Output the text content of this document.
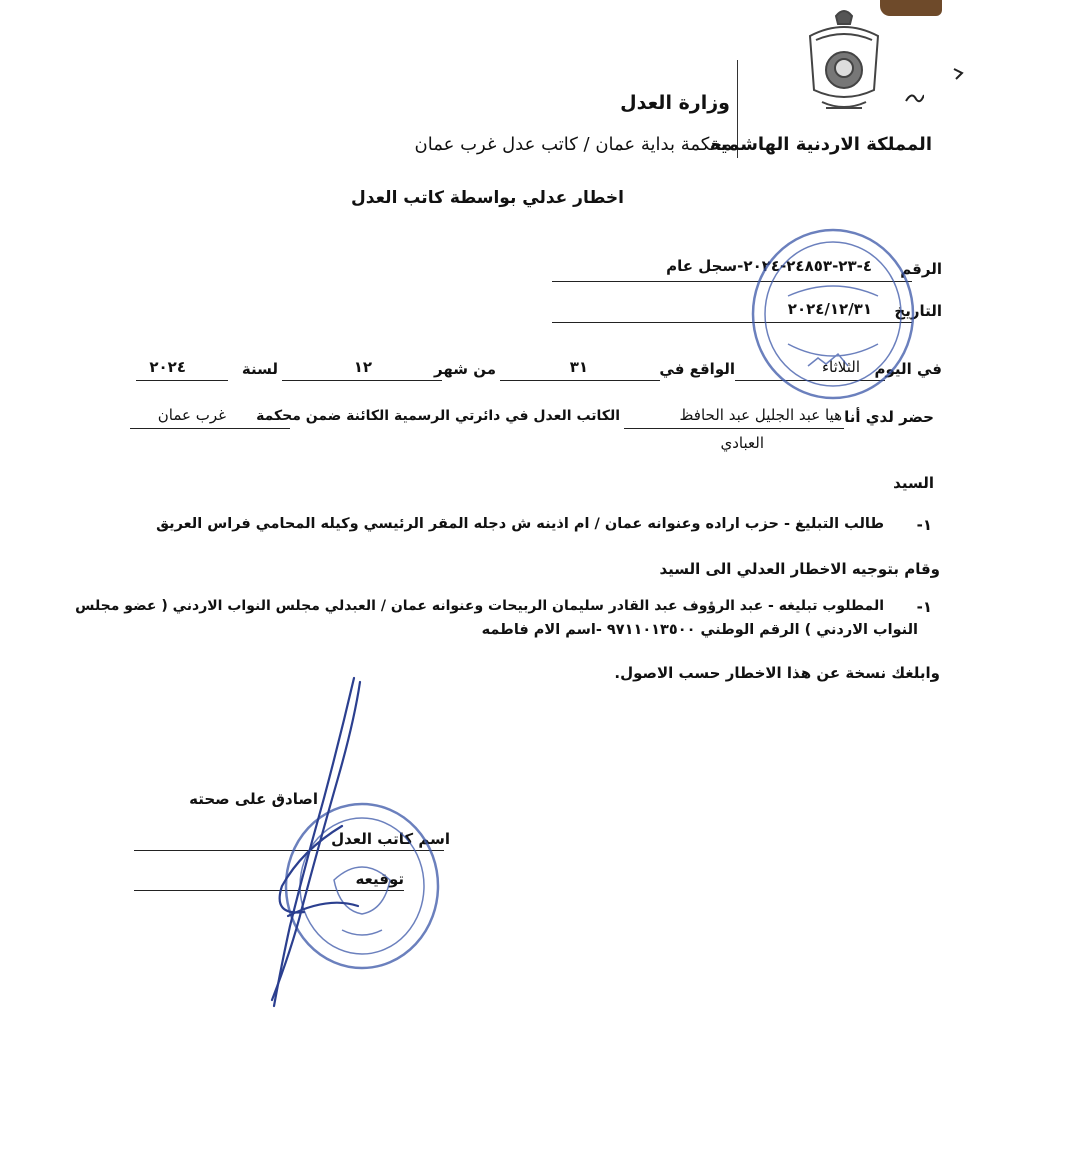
وزارة العدل
المملكة الاردنية الهاشمية
محكمة بداية عمان / كاتب عدل غرب عمان
اخطار عدلي بواسطة كاتب العدل
الرقم
٤-٢٣-٢٤٨٥٣-٢٠٢٤-سجل عام
التاريخ
٢٠٢٤/١٢/٣١
في اليوم
الثلاثاء
الواقع في
٣١
من شهر
١٢
لسنة
٢٠٢٤
حضر لدي أنا
هيا عبد الجليل عبد الحافظ
العبادي
الكاتب العدل في دائرتي الرسمية الكائنة ضمن محكمة
غرب عمان
السيد
١-
طالب التبليغ - حزب اراده وعنوانه عمان / ام اذينه ش دجله المقر الرئيسي وكيله المحامي فراس العريق
وقام بتوجيه الاخطار العدلي الى السيد
١-
المطلوب تبليغه - عبد الرؤوف عبد القادر سليمان الربيحات وعنوانه عمان / العبدلي مجلس النواب الاردني ( عضو مجلس
النواب الاردني ) الرقم الوطني ٩٧١١٠١٣٥٠٠ -اسم الام فاطمه
وابلغك نسخة عن هذا الاخطار حسب الاصول.
اصادق على صحته
اسم كاتب العدل
توقيعه
